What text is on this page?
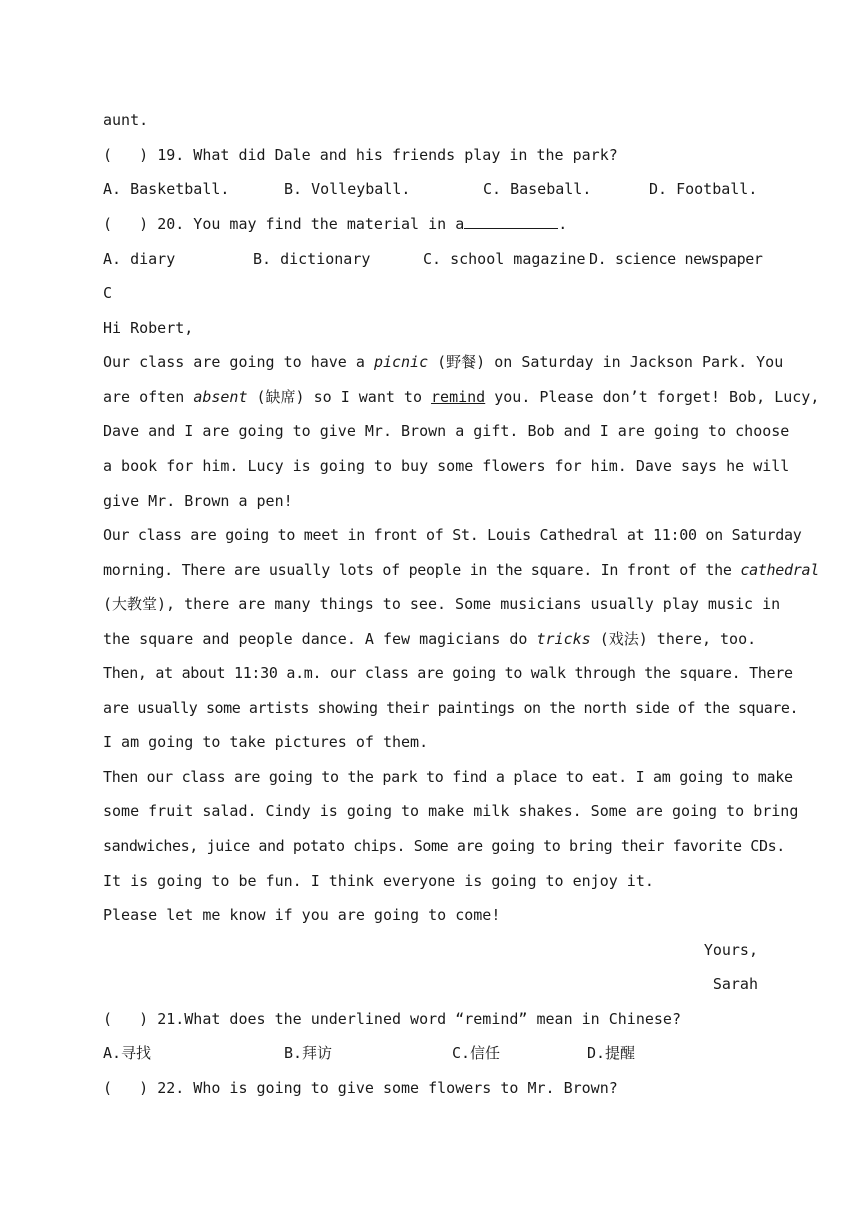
aunt.
(   ) 19. What did Dale and his friends play in the park?
A. Basketball.	B. Volleyball.	C. Baseball.	D. Football.
(   ) 20. You may find the material in a	.
A. diary	B. dictionary	C. school magazine D. science newspaper
C
Hi Robert,
Our class are going to have a picnic (野餐) on Saturday in Jackson Park. You
are often absent (缺席) so I want to remind you. Please don’t forget! Bob, Lucy,
Dave and I are going to give Mr. Brown a gift. Bob and I are going to choose
a book for him. Lucy is going to buy some flowers for him. Dave says he will
give Mr. Brown a pen!
Our class are going to meet in front of St. Louis Cathedral at 11:00 on Saturday
morning. There are usually lots of people in the square. In front of the cathedral
(大教堂), there are many things to see. Some musicians usually play music in
the square and people dance. A few magicians do tricks (戏法) there, too.
Then, at about 11:30 a.m. our class are going to walk through the square. There
are usually some artists showing their paintings on the north side of the square.
I am going to take pictures of them.
Then our class are going to the park to find a place to eat. I am going to make
some fruit salad. Cindy is going to make milk shakes. Some are going to bring
sandwiches, juice and potato chips. Some are going to bring their favorite CDs.
It is going to be fun. I think everyone is going to enjoy it.
Please let me know if you are going to come!
Yours,
Sarah
(   ) 21.What does the underlined word “remind” mean in Chinese?
A.寻找	B.拜访	C.信任	D.提醒
(   ) 22. Who is going to give some flowers to Mr. Brown?
